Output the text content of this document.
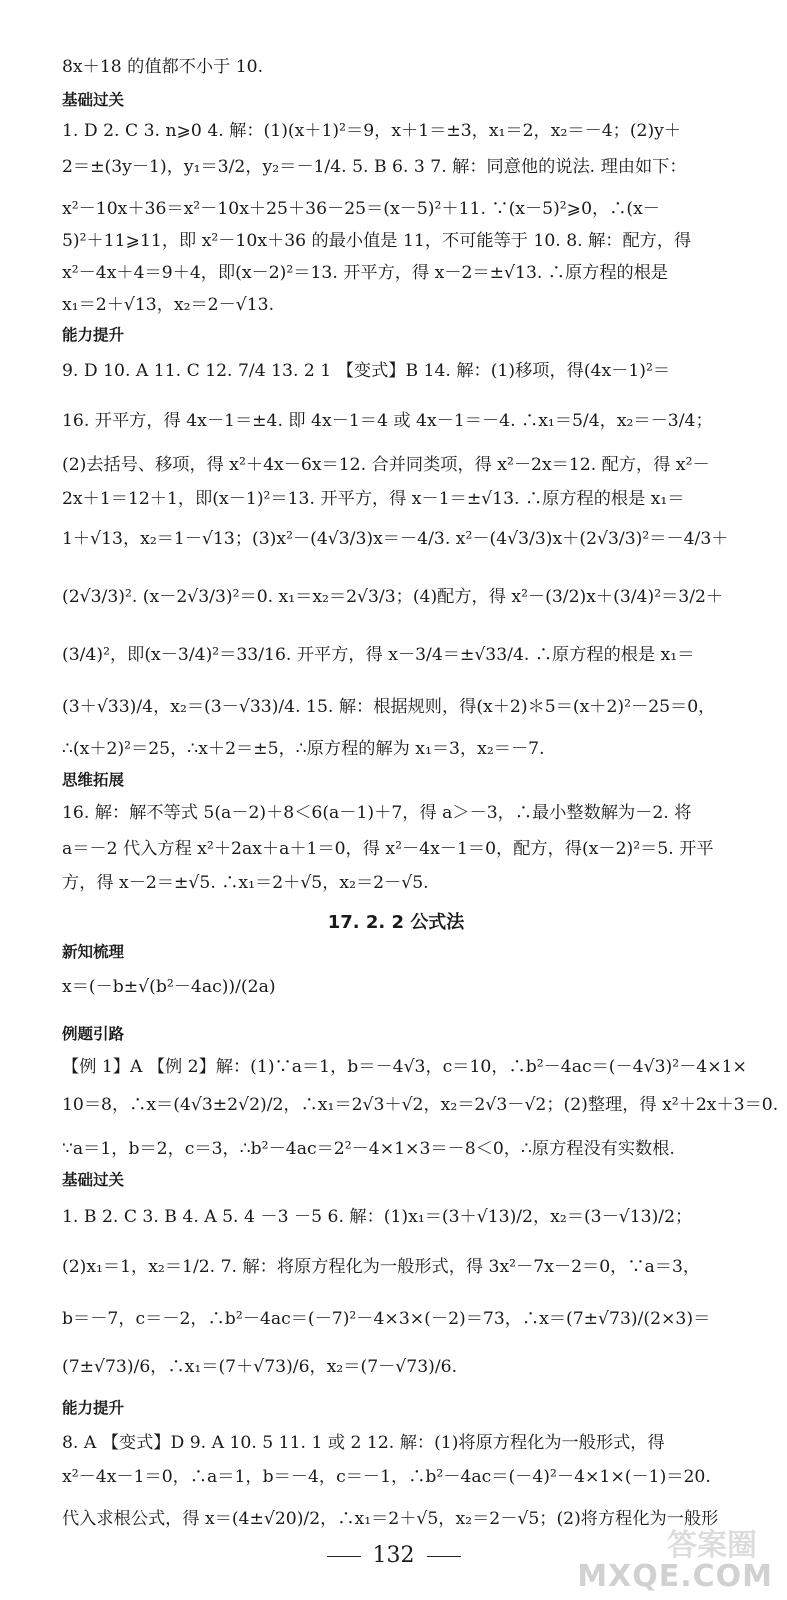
8x＋18 的值都不小于 10.
基础过关
1. D 2. C 3. n⩾0 4. 解：(1)(x＋1)²＝9，x＋1＝±3，x₁＝2，x₂＝－4；(2)y＋
2＝±(3y－1)，y₁＝3/2，y₂＝－1/4. 5. B 6. 3 7. 解：同意他的说法. 理由如下：
x²－10x＋36＝x²－10x＋25＋36－25＝(x－5)²＋11. ∵(x－5)²⩾0，∴(x－
5)²＋11⩾11，即 x²－10x＋36 的最小值是 11，不可能等于 10. 8. 解：配方，得
x²－4x＋4＝9＋4，即(x－2)²＝13. 开平方，得 x－2＝±√13. ∴原方程的根是
x₁＝2＋√13，x₂＝2－√13.
能力提升
9. D 10. A 11. C 12. 7/4 13. 2 1 【变式】B 14. 解：(1)移项，得(4x－1)²＝
16. 开平方，得 4x－1＝±4. 即 4x－1＝4 或 4x－1＝－4. ∴x₁＝5/4，x₂＝－3/4；
(2)去括号、移项，得 x²＋4x－6x＝12. 合并同类项，得 x²－2x＝12. 配方，得 x²－
2x＋1＝12＋1，即(x－1)²＝13. 开平方，得 x－1＝±√13. ∴原方程的根是 x₁＝
1＋√13，x₂＝1－√13；(3)x²－(4√3/3)x＝－4/3. x²－(4√3/3)x＋(2√3/3)²＝－4/3＋
(2√3/3)². (x－2√3/3)²＝0. x₁＝x₂＝2√3/3；(4)配方，得 x²－(3/2)x＋(3/4)²＝3/2＋
(3/4)²，即(x－3/4)²＝33/16. 开平方，得 x－3/4＝±√33/4. ∴原方程的根是 x₁＝
(3＋√33)/4，x₂＝(3－√33)/4. 15. 解：根据规则，得(x＋2)＊5＝(x＋2)²－25＝0，
∴(x＋2)²＝25，∴x＋2＝±5，∴原方程的解为 x₁＝3，x₂＝－7.
思维拓展
16. 解：解不等式 5(a－2)＋8＜6(a－1)＋7，得 a＞－3，∴最小整数解为－2. 将
a＝－2 代入方程 x²＋2ax＋a＋1＝0，得 x²－4x－1＝0，配方，得(x－2)²＝5. 开平
方，得 x－2＝±√5. ∴x₁＝2＋√5，x₂＝2－√5.
17. 2. 2 公式法
新知梳理
x＝(－b±√(b²－4ac))/(2a)
例题引路
【例 1】A 【例 2】解：(1)∵a＝1，b＝－4√3，c＝10，∴b²－4ac＝(－4√3)²－4×1×
10＝8，∴x＝(4√3±2√2)/2，∴x₁＝2√3＋√2，x₂＝2√3－√2；(2)整理，得 x²＋2x＋3＝0.
∵a＝1，b＝2，c＝3，∴b²－4ac＝2²－4×1×3＝－8＜0，∴原方程没有实数根.
基础过关
1. B 2. C 3. B 4. A 5. 4 －3 －5 6. 解：(1)x₁＝(3＋√13)/2，x₂＝(3－√13)/2；
(2)x₁＝1，x₂＝1/2. 7. 解：将原方程化为一般形式，得 3x²－7x－2＝0，∵a＝3，
b＝－7，c＝－2，∴b²－4ac＝(－7)²－4×3×(－2)＝73，∴x＝(7±√73)/(2×3)＝
(7±√73)/6，∴x₁＝(7＋√73)/6，x₂＝(7－√73)/6.
能力提升
8. A 【变式】D 9. A 10. 5 11. 1 或 2 12. 解：(1)将原方程化为一般形式，得
x²－4x－1＝0，∴a＝1，b＝－4，c＝－1，∴b²－4ac＝(－4)²－4×1×(－1)＝20.
代入求根公式，得 x＝(4±√20)/2，∴x₁＝2＋√5，x₂＝2－√5；(2)将方程化为一般形
132	答案圈
MXQE.COM
